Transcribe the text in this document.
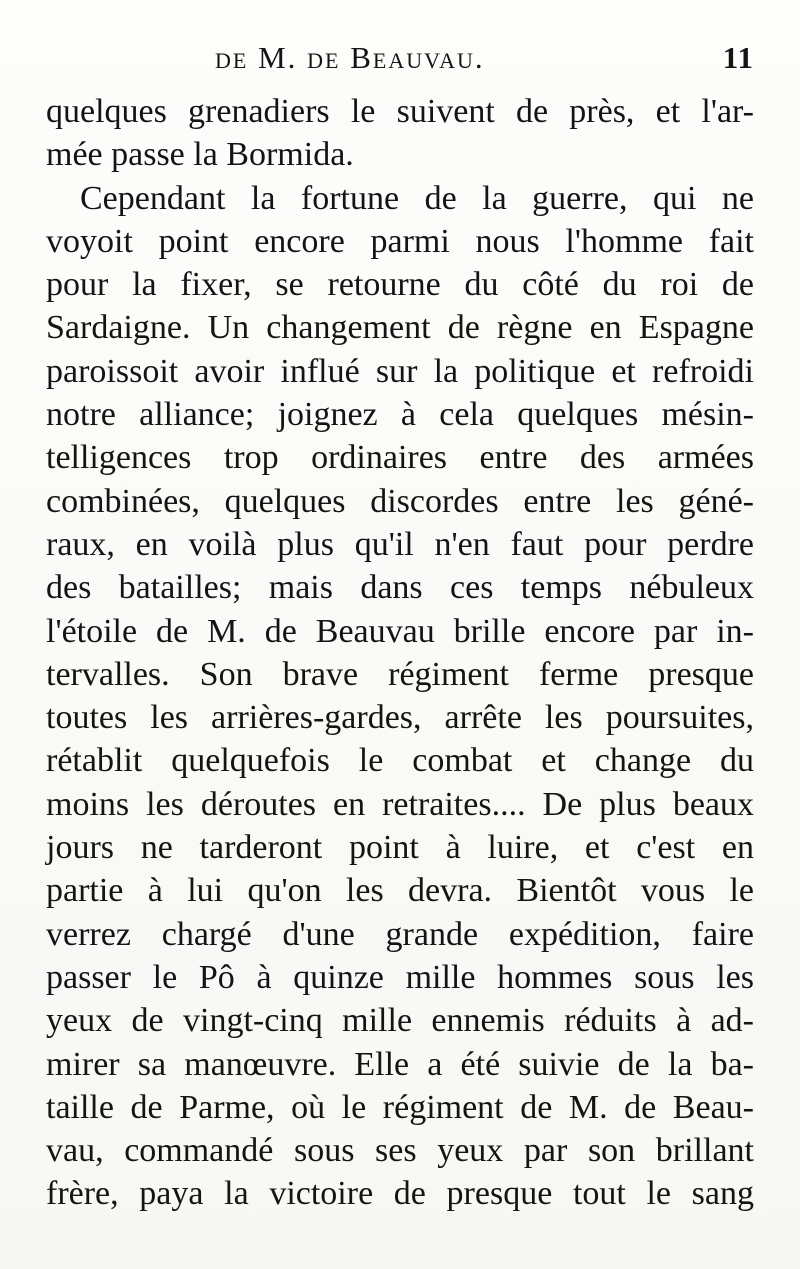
de M. de Beauvau.	11
quelques grenadiers le suivent de près, et l'ar-
mée passe la Bormida.
Cependant la fortune de la guerre, qui ne
voyoit point encore parmi nous l'homme fait
pour la fixer, se retourne du côté du roi de
Sardaigne. Un changement de règne en Espagne
paroissoit avoir influé sur la politique et refroidi
notre alliance; joignez à cela quelques mésin-
telligences trop ordinaires entre des armées
combinées, quelques discordes entre les géné-
raux, en voilà plus qu'il n'en faut pour perdre
des batailles; mais dans ces temps nébuleux
l'étoile de M. de Beauvau brille encore par in-
tervalles. Son brave régiment ferme presque
toutes les arrières-gardes, arrête les poursuites,
rétablit quelquefois le combat et change du
moins les déroutes en retraites.... De plus beaux
jours ne tarderont point à luire, et c'est en
partie à lui qu'on les devra. Bientôt vous le
verrez chargé d'une grande expédition, faire
passer le Pô à quinze mille hommes sous les
yeux de vingt-cinq mille ennemis réduits à ad-
mirer sa manœuvre. Elle a été suivie de la ba-
taille de Parme, où le régiment de M. de Beau-
vau, commandé sous ses yeux par son brillant
frère, paya la victoire de presque tout le sang
